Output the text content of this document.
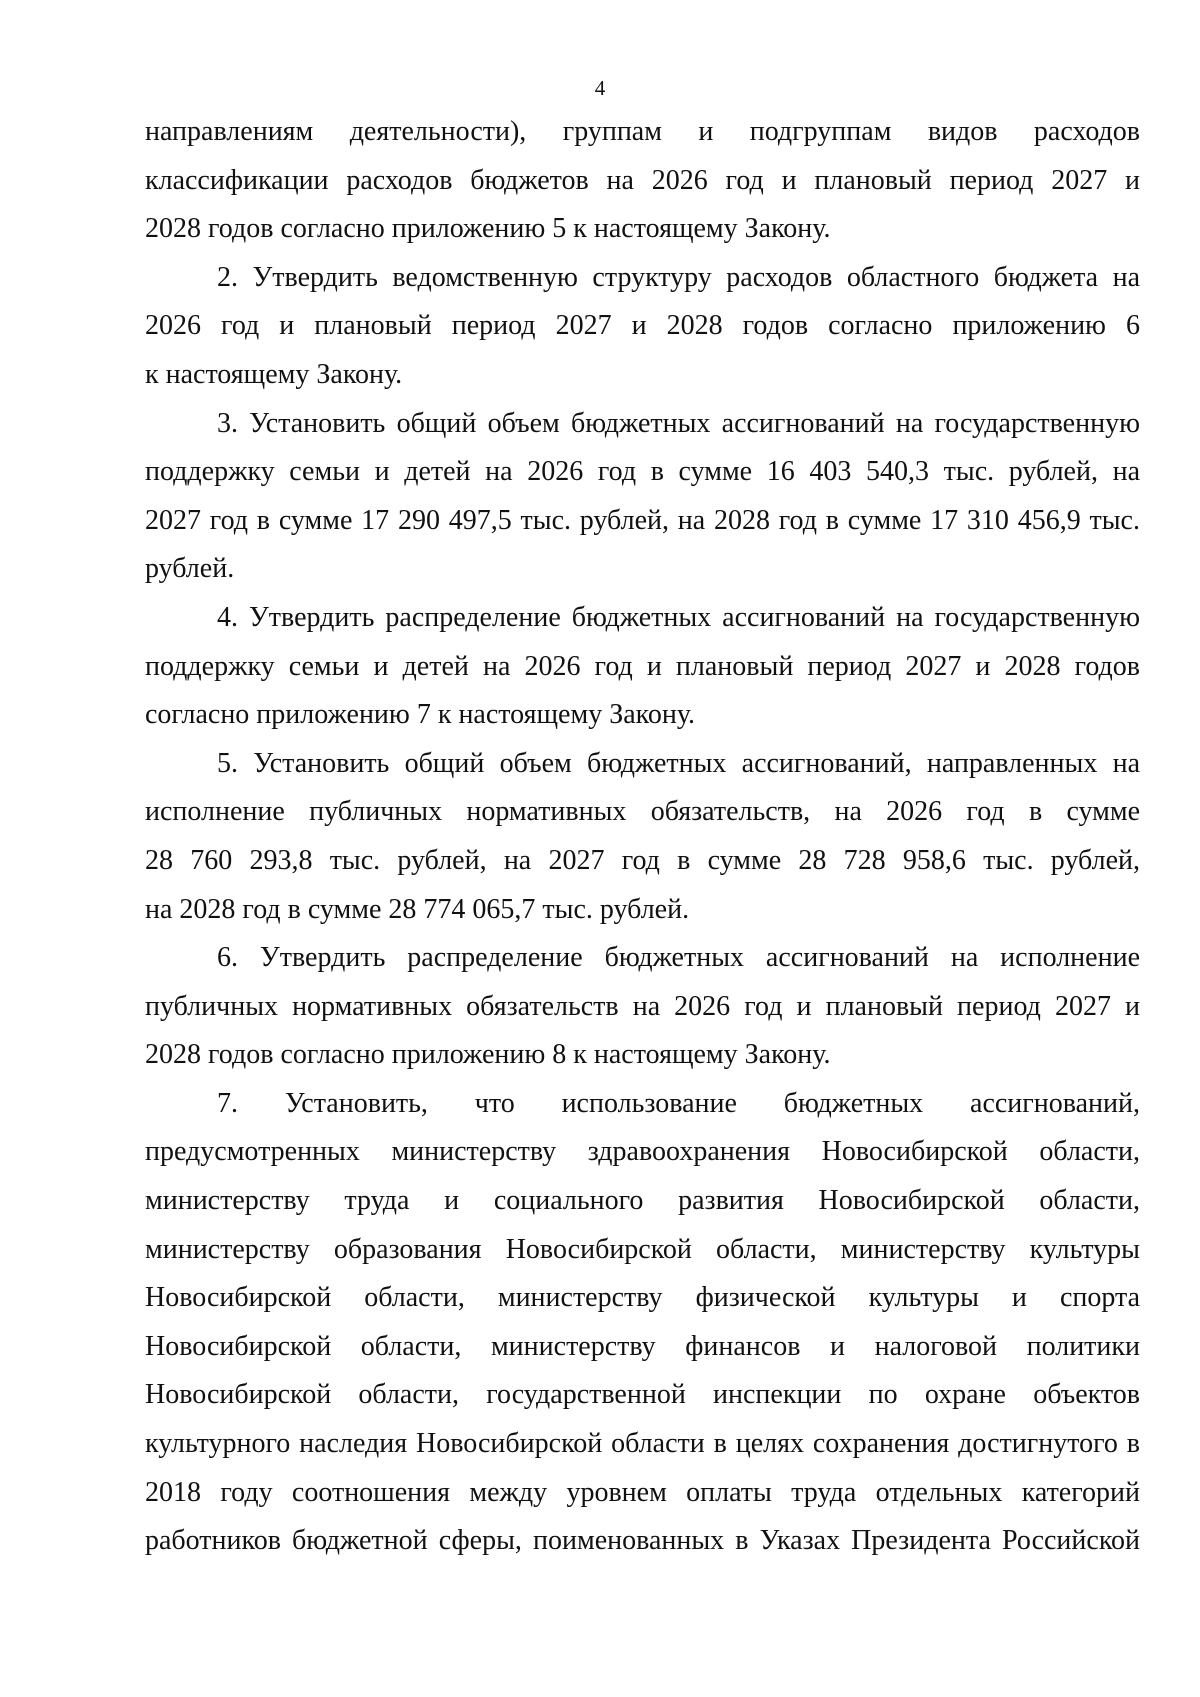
4

направлениям деятельности), группам и подгруппам видов расходов

классификации расходов бюджетов на 2026 год и плановый период 2027 и

2028 годов согласно приложению 5 к настоящему Закону.

2. Утвердить ведомственную структуру расходов областного бюджета на

2026 год и плановый период 2027 и 2028 годов согласно приложению 6

к настоящему Закону.

3. Установить общий объем бюджетных ассигнований на государственную

поддержку семьи и детей на 2026 год в сумме 16 403 540,3 тыс. рублей, на

2027 год в сумме 17 290 497,5 тыс. рублей, на 2028 год в сумме 17 310 456,9 тыс.

рублей.

4. Утвердить распределение бюджетных ассигнований на государственную

поддержку семьи и детей на 2026 год и плановый период 2027 и 2028 годов

согласно приложению 7 к настоящему Закону.

5. Установить общий объем бюджетных ассигнований, направленных на

исполнение публичных нормативных обязательств, на 2026 год в сумме

28 760 293,8 тыс. рублей, на 2027 год в сумме 28 728 958,6 тыс. рублей,

на 2028 год в сумме 28 774 065,7 тыс. рублей.

6. Утвердить распределение бюджетных ассигнований на исполнение

публичных нормативных обязательств на 2026 год и плановый период 2027 и

2028 годов согласно приложению 8 к настоящему Закону.

7. Установить, что использование бюджетных ассигнований,

предусмотренных министерству здравоохранения Новосибирской области,

министерству труда и социального развития Новосибирской области,

министерству образования Новосибирской области, министерству культуры

Новосибирской области, министерству физической культуры и спорта

Новосибирской области, министерству финансов и налоговой политики

Новосибирской области, государственной инспекции по охране объектов

культурного наследия Новосибирской области в целях сохранения достигнутого в

2018 году соотношения между уровнем оплаты труда отдельных категорий

работников бюджетной сферы, поименованных в Указах Президента Российской
